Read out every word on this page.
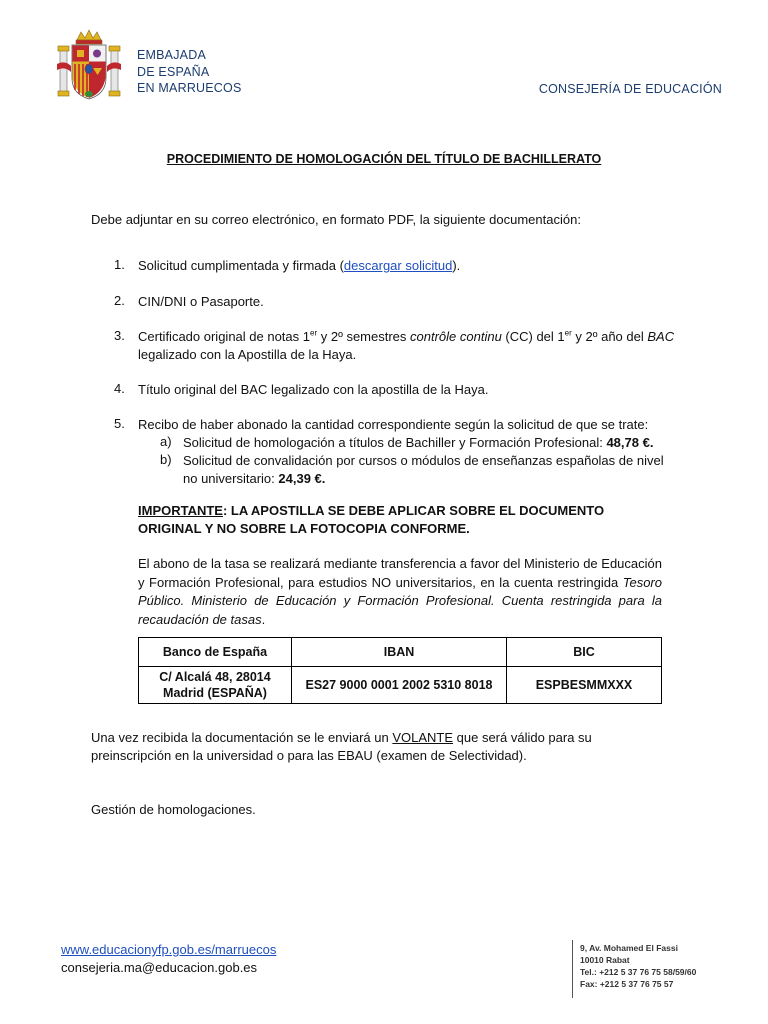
EMBAJADA
DE ESPAÑA
EN MARRUECOS	CONSEJERÍA DE EDUCACIÓN
PROCEDIMIENTO DE HOMOLOGACIÓN DEL TÍTULO DE BACHILLERATO
Debe adjuntar en su correo electrónico, en formato PDF, la siguiente documentación:
1. Solicitud cumplimentada y firmada (descargar solicitud).
2. CIN/DNI o Pasaporte.
3. Certificado original de notas 1er y 2º semestres contrôle continu (CC) del 1er y 2º año del BAC
legalizado con la Apostilla de la Haya.
4. Título original del BAC legalizado con la apostilla de la Haya.
5. Recibo de haber abonado la cantidad correspondiente según la solicitud de que se trate:
a) Solicitud de homologación a títulos de Bachiller y Formación Profesional: 48,78 €.
b) Solicitud de convalidación por cursos o módulos de enseñanzas españolas de nivel
no universitario: 24,39 €.
IMPORTANTE: LA APOSTILLA SE DEBE APLICAR SOBRE EL DOCUMENTO ORIGINAL Y NO SOBRE LA FOTOCOPIA CONFORME.
El abono de la tasa se realizará mediante transferencia a favor del Ministerio de Educación y Formación Profesional, para estudios NO universitarios, en la cuenta restringida Tesoro Público. Ministerio de Educación y Formación Profesional. Cuenta restringida para la recaudación de tasas.
Banco de España	IBAN	BIC
C/ Alcalá 48, 28014 Madrid (ESPAÑA)	ES27 9000 0001 2002 5310 8018	ESPBESMMXXX
Una vez recibida la documentación se le enviará un VOLANTE que será válido para su preinscripción en la universidad o para las EBAU (examen de Selectividad).
Gestión de homologaciones.
www.educacionyfp.gob.es/marruecos
consejeria.ma@educacion.gob.es
9, Av. Mohamed El Fassi
10010 Rabat
Tel.: +212 5 37 76 75 58/59/60
Fax: +212 5 37 76 75 57
